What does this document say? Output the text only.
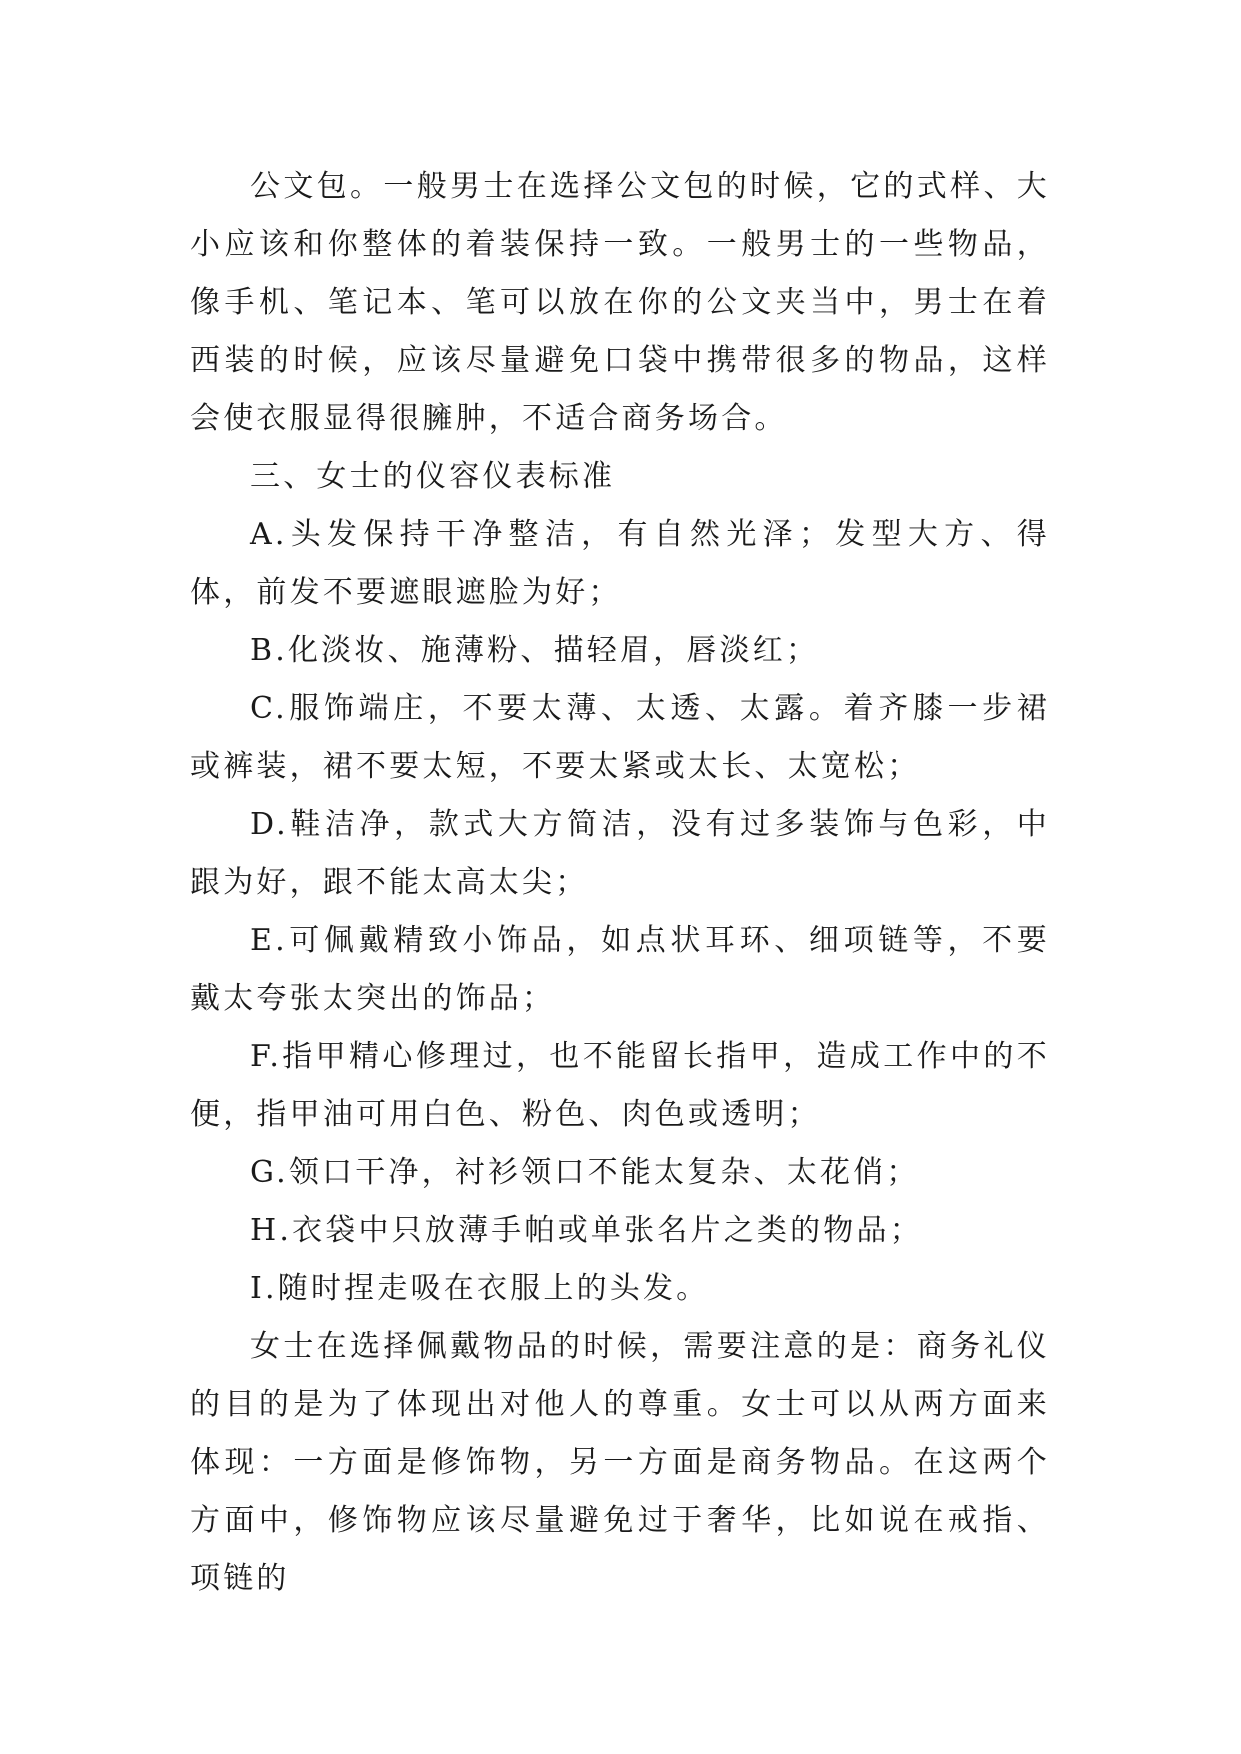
公文包。一般男士在选择公文包的时候，它的式样、大小应该和你整体的着装保持一致。一般男士的一些物品，像手机、笔记本、笔可以放在你的公文夹当中，男士在着西装的时候，应该尽量避免口袋中携带很多的物品，这样会使衣服显得很臃肿，不适合商务场合。

三、女士的仪容仪表标准

A.头发保持干净整洁，有自然光泽；发型大方、得体，前发不要遮眼遮脸为好；

B.化淡妆、施薄粉、描轻眉，唇淡红；

C.服饰端庄，不要太薄、太透、太露。着齐膝一步裙或裤装，裙不要太短，不要太紧或太长、太宽松；

D.鞋洁净，款式大方简洁，没有过多装饰与色彩，中跟为好，跟不能太高太尖；

E.可佩戴精致小饰品，如点状耳环、细项链等，不要戴太夸张太突出的饰品；

F.指甲精心修理过，也不能留长指甲，造成工作中的不便，指甲油可用白色、粉色、肉色或透明；

G.领口干净，衬衫领口不能太复杂、太花俏；

H.衣袋中只放薄手帕或单张名片之类的物品；

I.随时捏走吸在衣服上的头发。

女士在选择佩戴物品的时候，需要注意的是：商务礼仪的目的是为了体现出对他人的尊重。女士可以从两方面来体现：一方面是修饰物，另一方面是商务物品。在这两个方面中，修饰物应该尽量避免过于奢华，比如说在戒指、项链的
